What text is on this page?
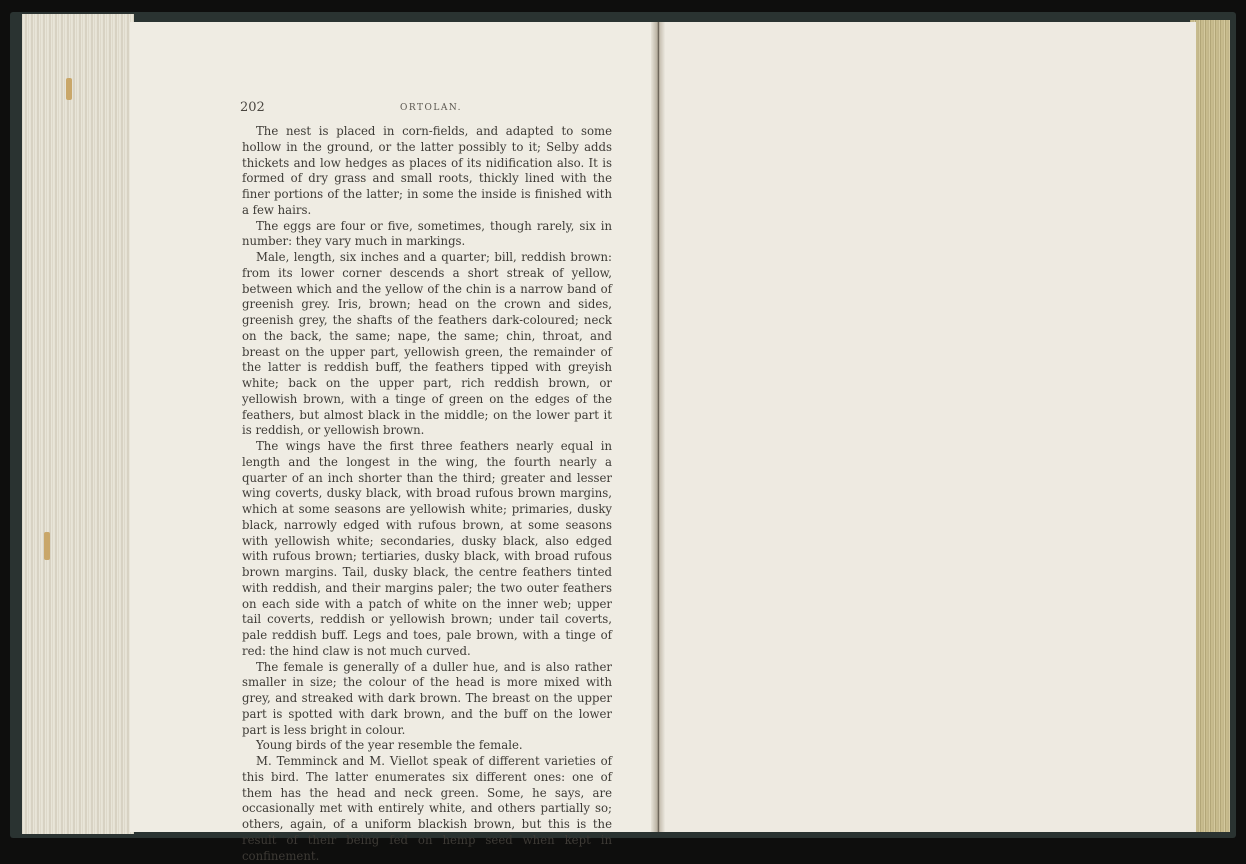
202	ORTOLAN.

The nest is placed in corn-fields, and adapted to some hollow in the ground, or the latter possibly to it; Selby adds thickets and low hedges as places of its nidification also. It is formed of dry grass and small roots, thickly lined with the finer portions of the latter; in some the inside is finished with a few hairs.

The eggs are four or five, sometimes, though rarely, six in number: they vary much in markings.

Male, length, six inches and a quarter; bill, reddish brown: from its lower corner descends a short streak of yellow, between which and the yellow of the chin is a narrow band of greenish grey. Iris, brown; head on the crown and sides, greenish grey, the shafts of the feathers dark-coloured; neck on the back, the same; nape, the same; chin, throat, and breast on the upper part, yellowish green, the remainder of the latter is reddish buff, the feathers tipped with greyish white; back on the upper part, rich reddish brown, or yellowish brown, with a tinge of green on the edges of the feathers, but almost black in the middle; on the lower part it is reddish, or yellowish brown.

The wings have the first three feathers nearly equal in length and the longest in the wing, the fourth nearly a quarter of an inch shorter than the third; greater and lesser wing coverts, dusky black, with broad rufous brown margins, which at some seasons are yellowish white; primaries, dusky black, narrowly edged with rufous brown, at some seasons with yellowish white; secondaries, dusky black, also edged with rufous brown; tertiaries, dusky black, with broad rufous brown margins. Tail, dusky black, the centre feathers tinted with reddish, and their margins paler; the two outer feathers on each side with a patch of white on the inner web; upper tail coverts, reddish or yellowish brown; under tail coverts, pale reddish buff. Legs and toes, pale brown, with a tinge of red: the hind claw is not much curved.

The female is generally of a duller hue, and is also rather smaller in size; the colour of the head is more mixed with grey, and streaked with dark brown. The breast on the upper part is spotted with dark brown, and the buff on the lower part is less bright in colour.

Young birds of the year resemble the female.

M. Temminck and M. Viellot speak of different varieties of this bird. The latter enumerates six different ones: one of them has the head and neck green. Some, he says, are occasionally met with entirely white, and others partially so; others, again, of a uniform blackish brown, but this is the result of their being fed on hemp seed when kept in confinement.
